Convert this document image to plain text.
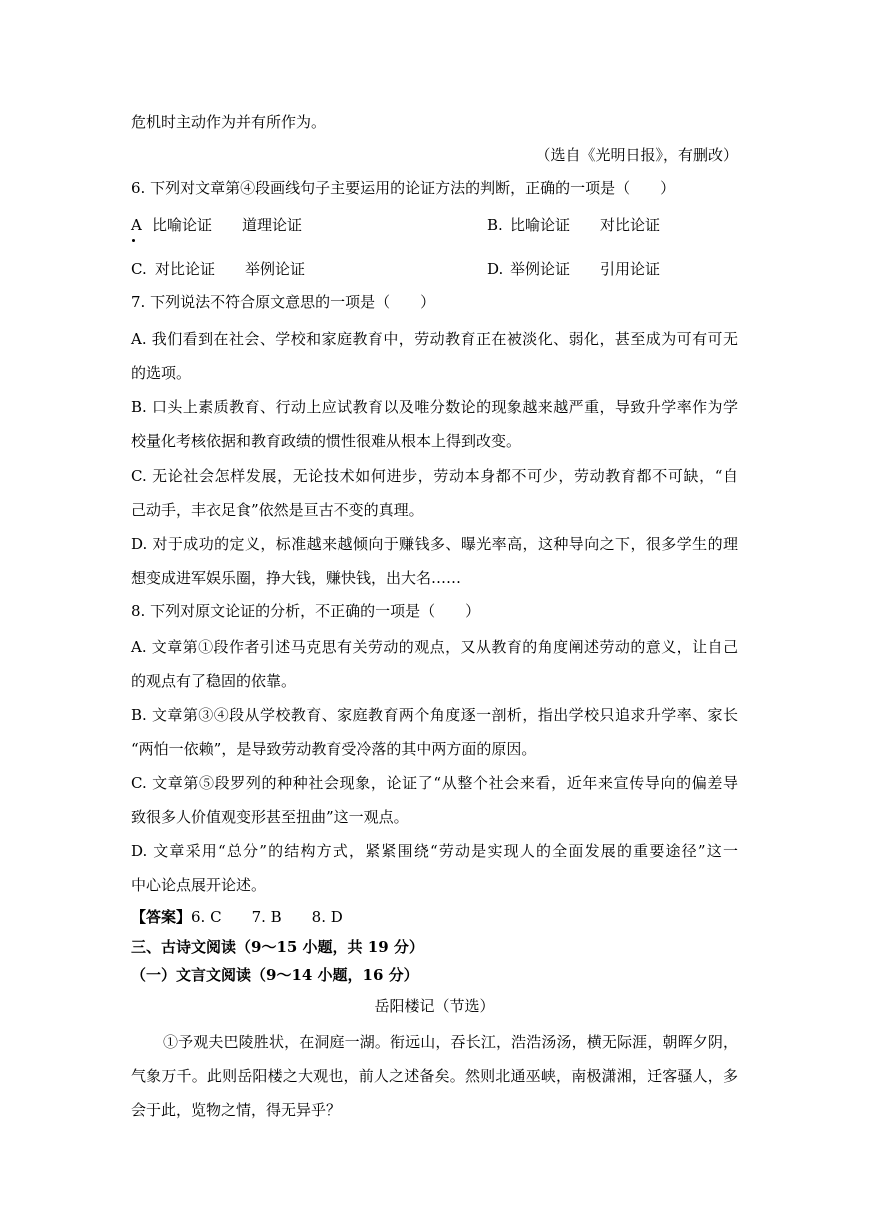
危机时主动作为并有所作为。
（选自《光明日报》，有删改）
6. 下列对文章第④段画线句子主要运用的论证方法的判断，正确的一项是（　　）
A 比喻论证　　道理论证	B. 比喻论证　　对比论证
C. 对比论证　　举例论证	D. 举例论证　　引用论证
7. 下列说法不符合原文意思的一项是（　　）
A. 我们看到在社会、学校和家庭教育中，劳动教育正在被淡化、弱化，甚至成为可有可无
的选项。
B. 口头上素质教育、行动上应试教育以及唯分数论的现象越来越严重，导致升学率作为学
校量化考核依据和教育政绩的惯性很难从根本上得到改变。
C. 无论社会怎样发展，无论技术如何进步，劳动本身都不可少，劳动教育都不可缺，“自
己动手，丰衣足食”依然是亘古不变的真理。
D. 对于成功的定义，标准越来越倾向于赚钱多、曝光率高，这种导向之下，很多学生的理
想变成进军娱乐圈，挣大钱，赚快钱，出大名……
8. 下列对原文论证的分析，不正确的一项是（　　）
A. 文章第①段作者引述马克思有关劳动的观点，又从教育的角度阐述劳动的意义，让自己
的观点有了稳固的依靠。
B. 文章第③④段从学校教育、家庭教育两个角度逐一剖析，指出学校只追求升学率、家长
“两怕一依赖”，是导致劳动教育受冷落的其中两方面的原因。
C. 文章第⑤段罗列的种种社会现象，论证了“从整个社会来看，近年来宣传导向的偏差导
致很多人价值观变形甚至扭曲”这一观点。
D. 文章采用“总分”的结构方式，紧紧围绕“劳动是实现人的全面发展的重要途径”这一
中心论点展开论述。
【答案】6. C　　7. B　　8. D
三、古诗文阅读（9～15 小题，共 19 分）
（一）文言文阅读（9～14 小题，16 分）
岳阳楼记（节选）
①予观夫巴陵胜状，在洞庭一湖。衔远山，吞长江，浩浩汤汤，横无际涯，朝晖夕阴，
气象万千。此则岳阳楼之大观也，前人之述备矣。然则北通巫峡，南极潇湘，迁客骚人，多
会于此，览物之情，得无异乎？
